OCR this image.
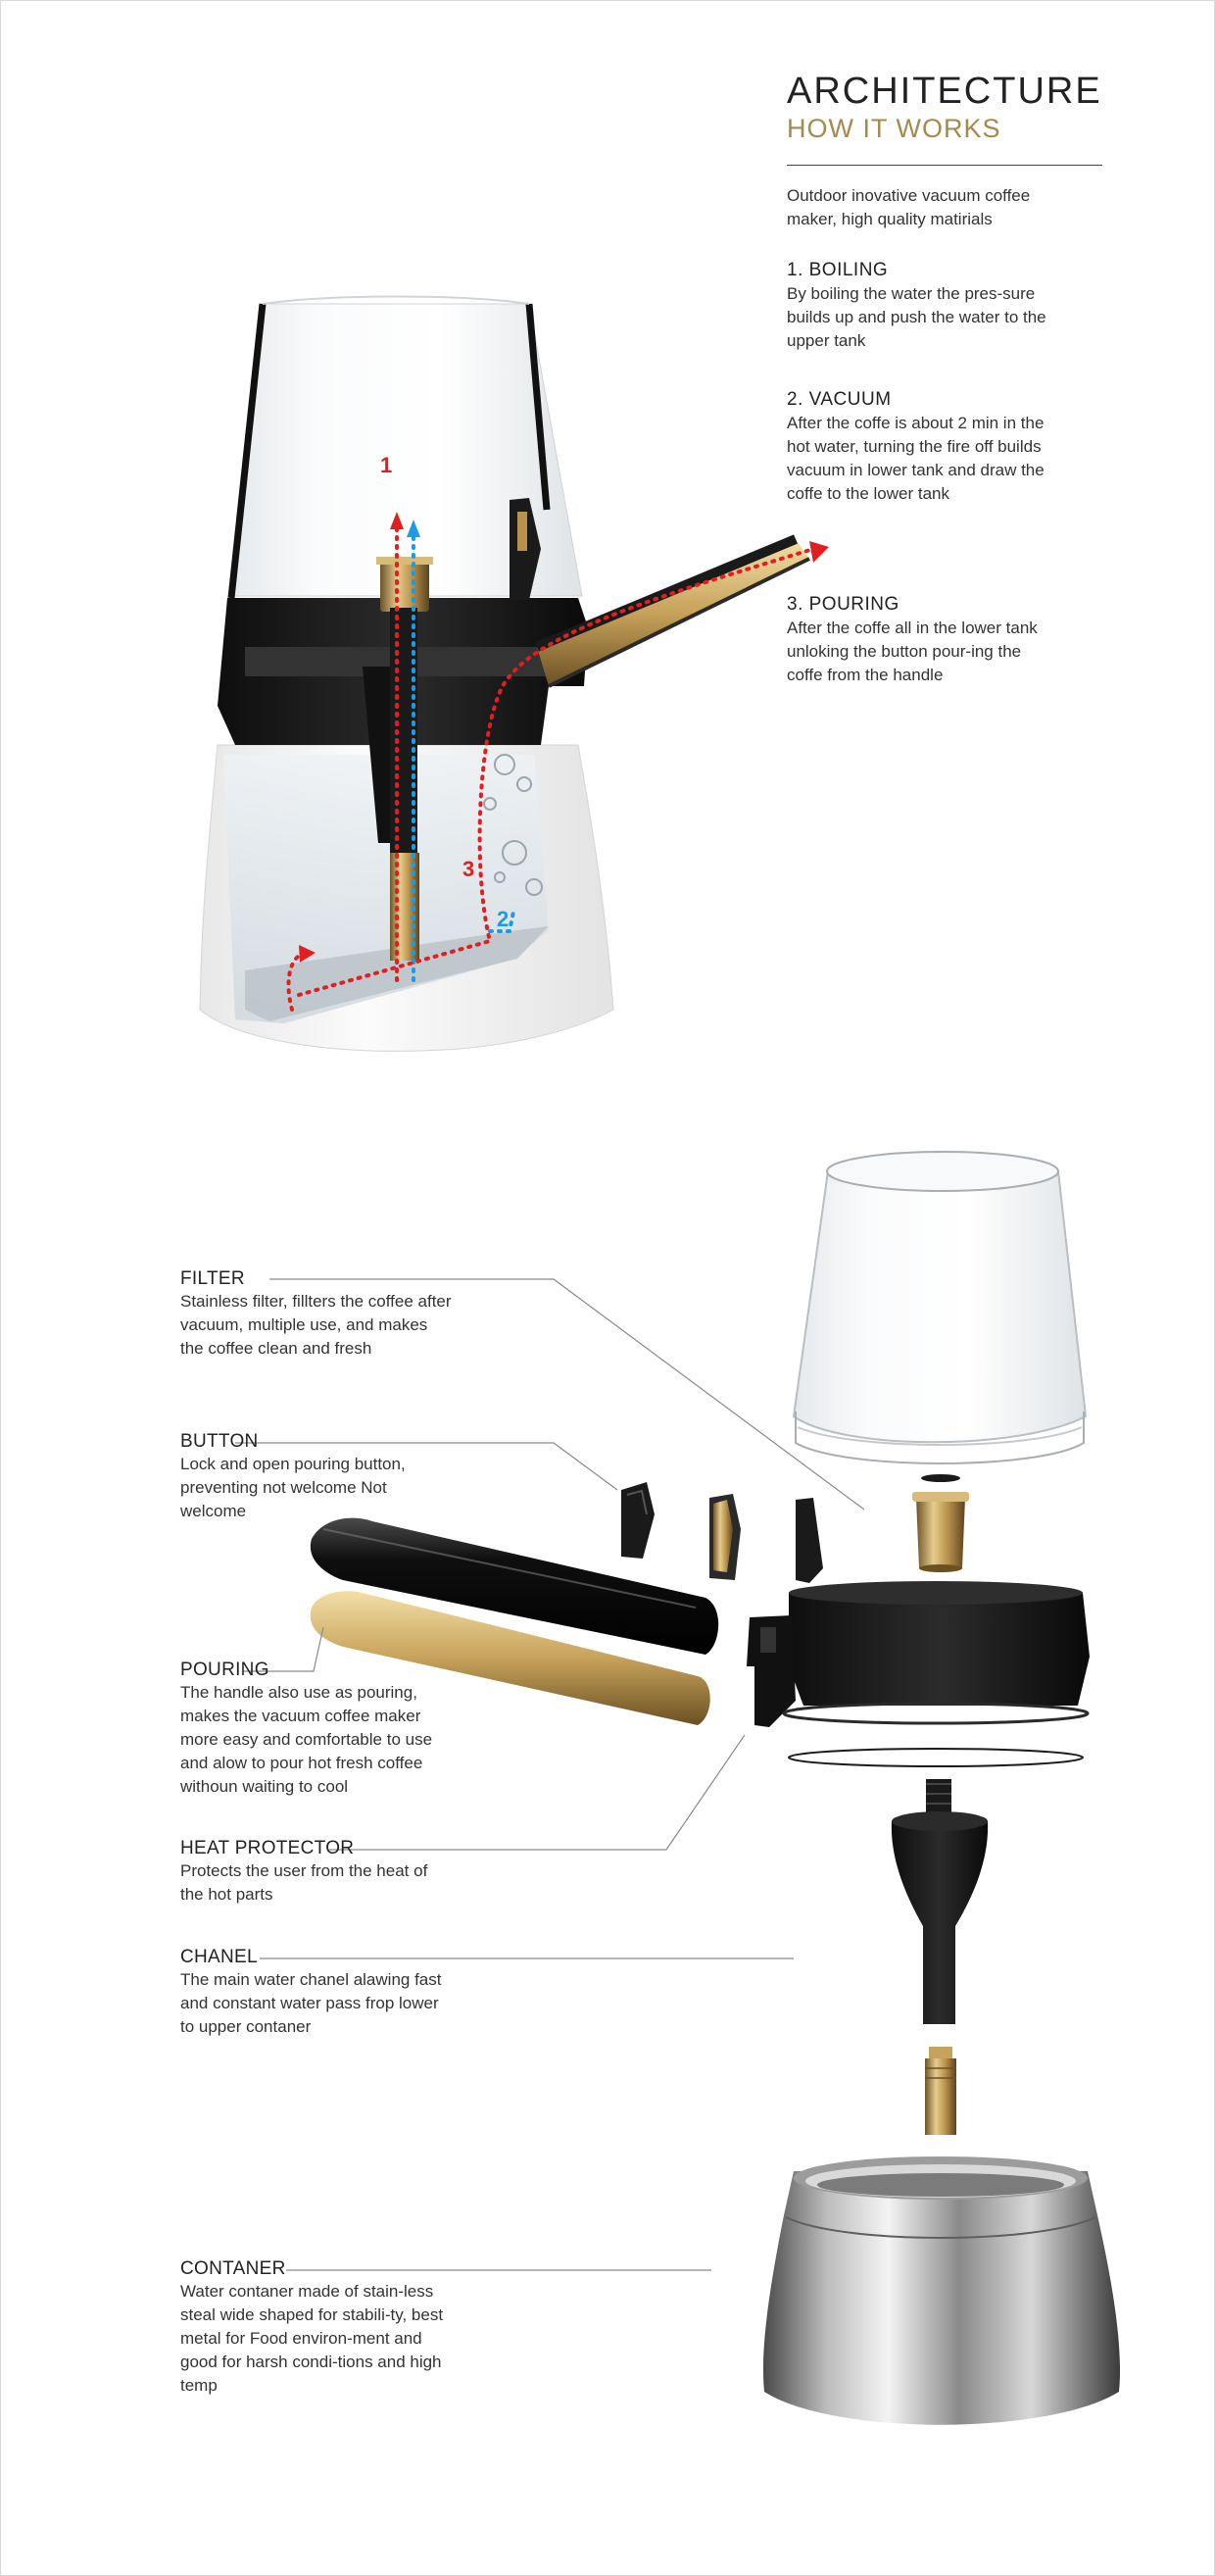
ARCHITECTURE
HOW IT WORKS
Outdoor inovative vacuum coffee maker, high quality matirials
1. BOILING
By boiling the water the pres-sure builds up and push the water to the upper tank
2. VACUUM
After the coffe is about 2 min in the hot water, turning the fire off builds vacuum in lower tank and draw the coffe to the lower tank
3. POURING
After the coffe all in the lower tank unloking the button pour-ing the coffe from the handle
1
2
3
FILTER
Stainless filter, fillters the coffee after vacuum, multiple use, and makes the coffee clean and fresh
BUTTON
Lock and open pouring button, preventing not welcome Not welcome
POURING
The handle also use as pouring, makes the vacuum coffee maker more easy and comfortable to use and alow to pour hot fresh coffee withoun waiting to cool
HEAT PROTECTOR
Protects the user from the heat of the hot parts
CHANEL
The main water chanel alawing fast and constant water pass frop lower to upper contaner
CONTANER
Water contaner made of stain-less steal wide shaped for stabili-ty, best metal for Food environ-ment and good for harsh condi-tions and high temp
